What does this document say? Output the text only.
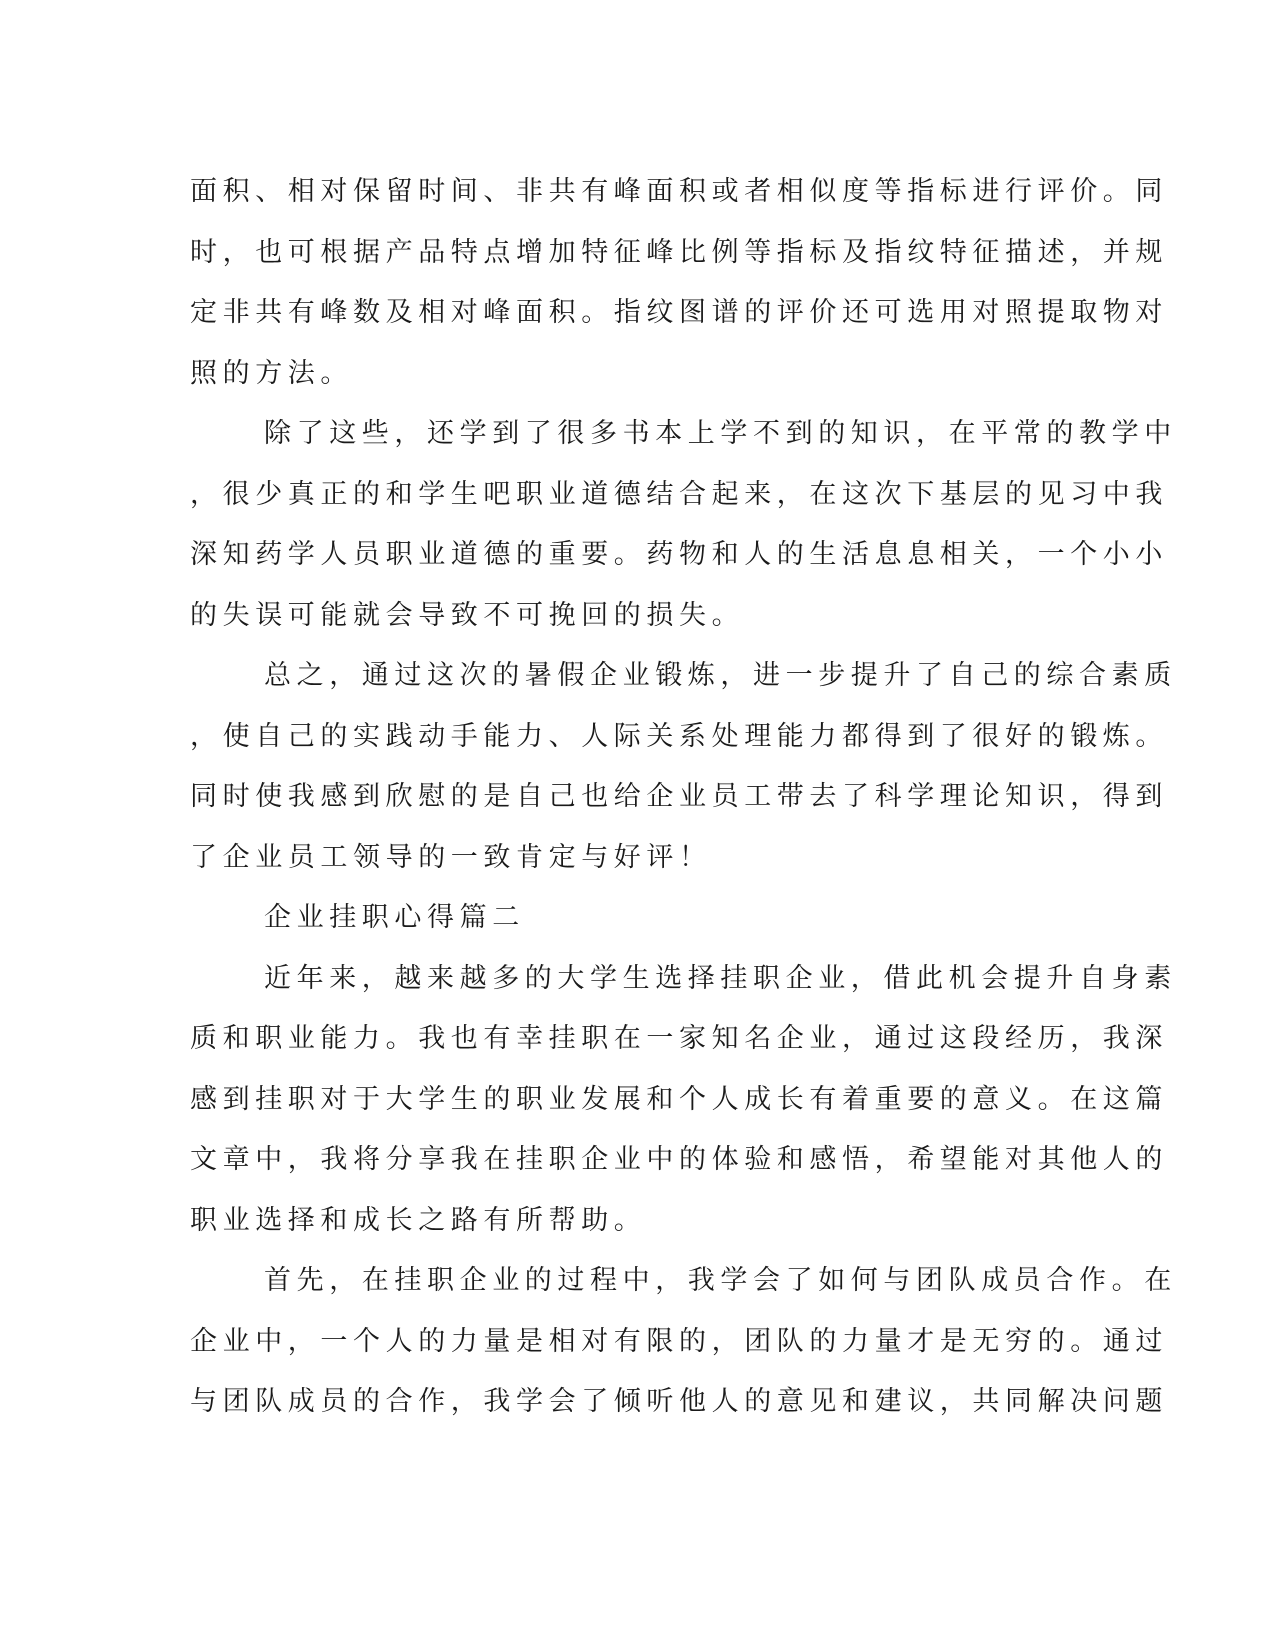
面积、相对保留时间、非共有峰面积或者相似度等指标进行评价。同
时，也可根据产品特点增加特征峰比例等指标及指纹特征描述，并规
定非共有峰数及相对峰面积。指纹图谱的评价还可选用对照提取物对
照的方法。
除了这些，还学到了很多书本上学不到的知识，在平常的教学中
，很少真正的和学生吧职业道德结合起来，在这次下基层的见习中我
深知药学人员职业道德的重要。药物和人的生活息息相关，一个小小
的失误可能就会导致不可挽回的损失。
总之，通过这次的暑假企业锻炼，进一步提升了自己的综合素质
，使自己的实践动手能力、人际关系处理能力都得到了很好的锻炼。
同时使我感到欣慰的是自己也给企业员工带去了科学理论知识，得到
了企业员工领导的一致肯定与好评！
企业挂职心得篇二
近年来，越来越多的大学生选择挂职企业，借此机会提升自身素
质和职业能力。我也有幸挂职在一家知名企业，通过这段经历，我深
感到挂职对于大学生的职业发展和个人成长有着重要的意义。在这篇
文章中，我将分享我在挂职企业中的体验和感悟，希望能对其他人的
职业选择和成长之路有所帮助。
首先，在挂职企业的过程中，我学会了如何与团队成员合作。在
企业中，一个人的力量是相对有限的，团队的力量才是无穷的。通过
与团队成员的合作，我学会了倾听他人的意见和建议，共同解决问题
